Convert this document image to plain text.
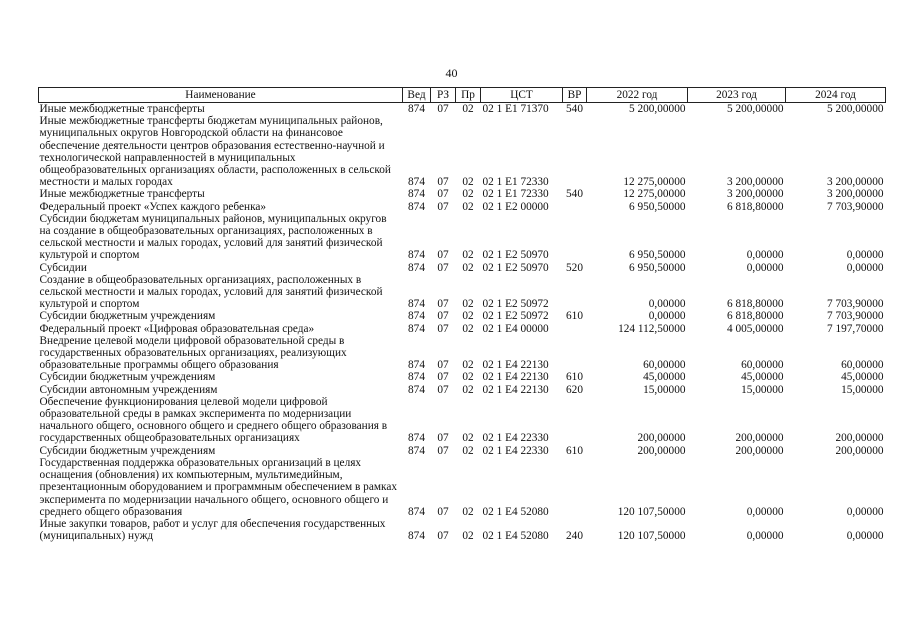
40
Наименование	Вед	РЗ	Пр	ЦСТ	ВР	2022 год	2023 год	2024 год
Иные межбюджетные трансферты	874	07	02	02 1 E1 71370	540	5 200,00000	5 200,00000	5 200,00000
Иные межбюджетные трансферты бюджетам муниципальных районов, муниципальных округов Новгородской области на финансовое обеспечение деятельности центров образования естественно-научной и технологической направленностей в муниципальных общеобразовательных организациях области, расположенных в сельской местности и малых городах	874	07	02	02 1 E1 72330		12 275,00000	3 200,00000	3 200,00000
Иные межбюджетные трансферты	874	07	02	02 1 E1 72330	540	12 275,00000	3 200,00000	3 200,00000
Федеральный проект «Успех каждого ребенка»	874	07	02	02 1 E2 00000		6 950,50000	6 818,80000	7 703,90000
Субсидии бюджетам муниципальных районов, муниципальных округов на создание в общеобразовательных организациях, расположенных в сельской местности и малых городах, условий для занятий физической культурой и спортом	874	07	02	02 1 E2 50970		6 950,50000	0,00000	0,00000
Субсидии	874	07	02	02 1 E2 50970	520	6 950,50000	0,00000	0,00000
Создание в общеобразовательных организациях, расположенных в сельской местности и малых городах, условий для занятий физической культурой и спортом	874	07	02	02 1 E2 50972		0,00000	6 818,80000	7 703,90000
Субсидии бюджетным учреждениям	874	07	02	02 1 E2 50972	610	0,00000	6 818,80000	7 703,90000
Федеральный проект «Цифровая образовательная среда»	874	07	02	02 1 E4 00000		124 112,50000	4 005,00000	7 197,70000
Внедрение целевой модели цифровой образовательной среды в государственных образовательных организациях, реализующих образовательные программы общего образования	874	07	02	02 1 E4 22130		60,00000	60,00000	60,00000
Субсидии бюджетным учреждениям	874	07	02	02 1 E4 22130	610	45,00000	45,00000	45,00000
Субсидии автономным учреждениям	874	07	02	02 1 E4 22130	620	15,00000	15,00000	15,00000
Обеспечение функционирования целевой модели цифровой образовательной среды в рамках эксперимента по модернизации начального общего, основного общего и среднего общего образования в государственных общеобразовательных организациях	874	07	02	02 1 E4 22330		200,00000	200,00000	200,00000
Субсидии бюджетным учреждениям	874	07	02	02 1 E4 22330	610	200,00000	200,00000	200,00000
Государственная поддержка образовательных организаций в целях оснащения (обновления) их компьютерным, мультимедийным, презентационным оборудованием и программным обеспечением в рамках эксперимента по модернизации начального общего, основного общего и среднего общего образования	874	07	02	02 1 E4 52080		120 107,50000	0,00000	0,00000
Иные закупки товаров, работ и услуг для обеспечения государственных (муниципальных) нужд	874	07	02	02 1 E4 52080	240	120 107,50000	0,00000	0,00000
